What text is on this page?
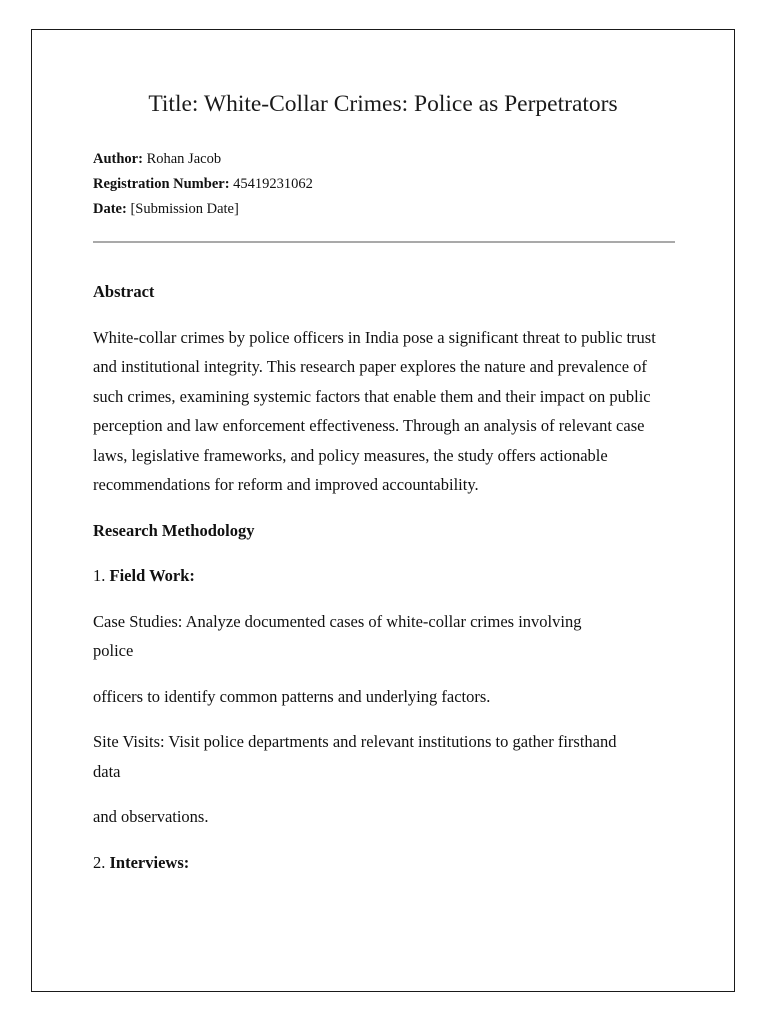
Title: White-Collar Crimes: Police as Perpetrators
Author: Rohan Jacob
Registration Number: 45419231062
Date: [Submission Date]

Abstract

White-collar crimes by police officers in India pose a significant threat to public trust and institutional integrity. This research paper explores the nature and prevalence of such crimes, examining systemic factors that enable them and their impact on public perception and law enforcement effectiveness. Through an analysis of relevant case laws, legislative frameworks, and policy measures, the study offers actionable recommendations for reform and improved accountability.

Research Methodology

1. Field Work:

Case Studies: Analyze documented cases of white-collar crimes involving
police

officers to identify common patterns and underlying factors.

Site Visits: Visit police departments and relevant institutions to gather firsthand
data

and observations.

2. Interviews:
